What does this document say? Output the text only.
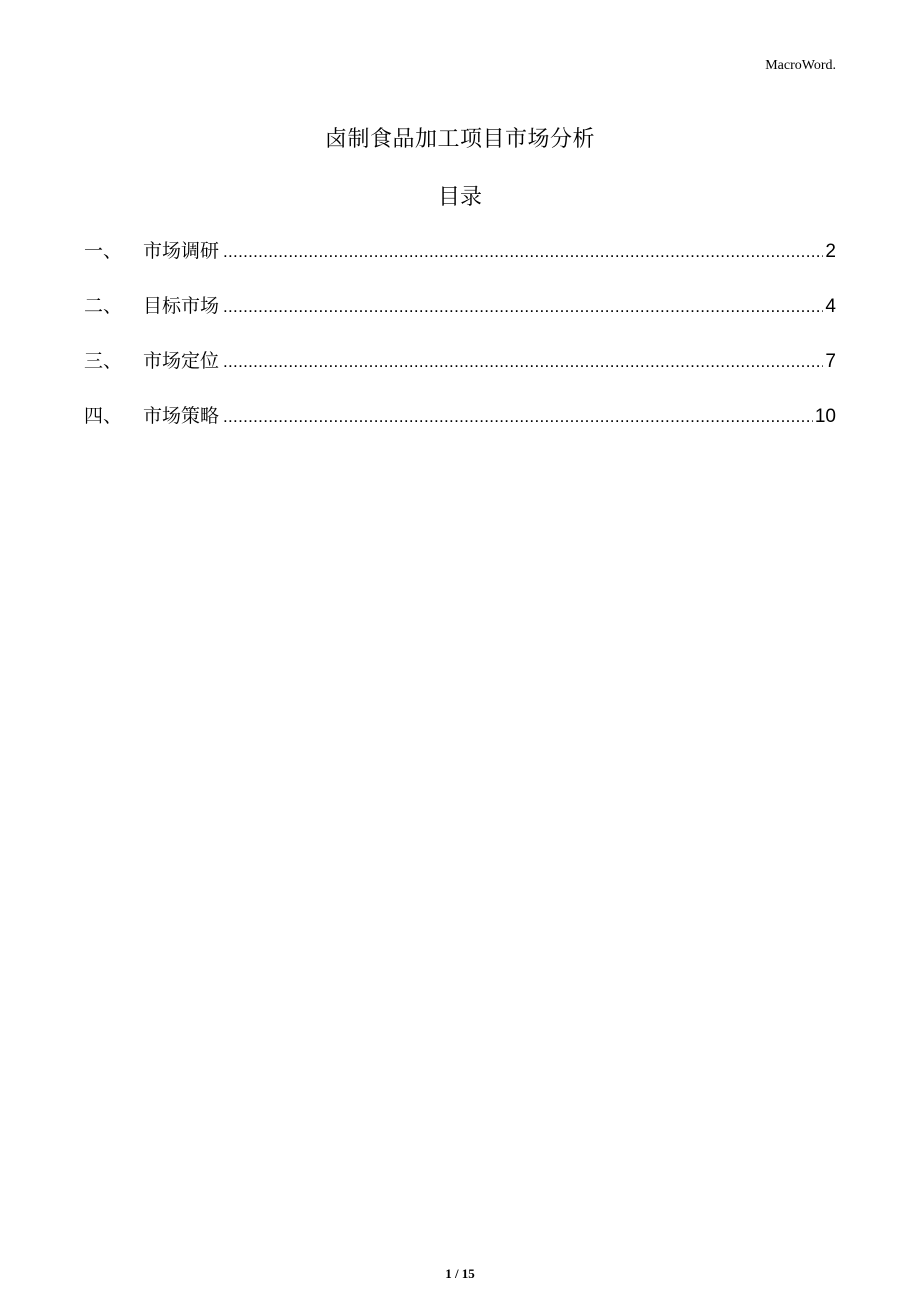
MacroWord.
卤制食品加工项目市场分析
目录
一、	市场调研 .....	2
二、	目标市场 .....	4
三、	市场定位 .....	7
四、	市场策略 .....	10
1 / 15
